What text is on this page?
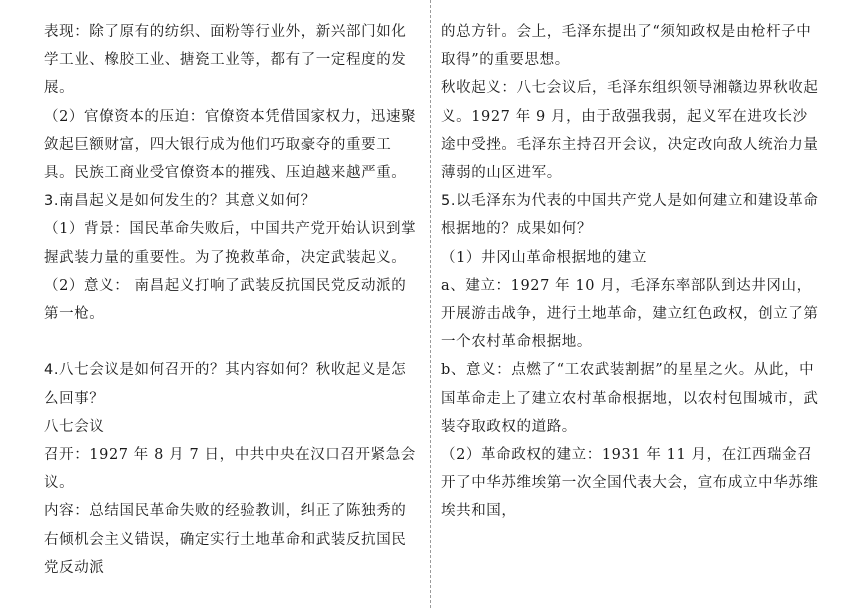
表现：除了原有的纺织、面粉等行业外，新兴部门如化学工业、橡胶工业、搪瓷工业等，都有了一定程度的发展。

（2）官僚资本的压迫：官僚资本凭借国家权力，迅速聚敛起巨额财富，四大银行成为他们巧取豪夺的重要工具。民族工商业受官僚资本的摧残、压迫越来越严重。

3.南昌起义是如何发生的？其意义如何？

（1）背景：国民革命失败后，中国共产党开始认识到掌握武装力量的重要性。为了挽救革命，决定武装起义。

（2）意义： 南昌起义打响了武装反抗国民党反动派的第一枪。

4.八七会议是如何召开的？其内容如何？秋收起义是怎么回事？

八七会议

召开：1927 年 8 月 7 日，中共中央在汉口召开紧急会议。

内容：总结国民革命失败的经验教训，纠正了陈独秀的右倾机会主义错误，确定实行土地革命和武装反抗国民党反动派

的总方针。会上，毛泽东提出了“须知政权是由枪杆子中取得”的重要思想。

秋收起义：八七会议后，毛泽东组织领导湘赣边界秋收起义。1927 年 9 月，由于敌强我弱，起义军在进攻长沙途中受挫。毛泽东主持召开会议，决定改向敌人统治力量薄弱的山区进军。

5.以毛泽东为代表的中国共产党人是如何建立和建设革命根据地的？成果如何？

（1）井冈山革命根据地的建立

a、建立：1927 年 10 月，毛泽东率部队到达井冈山，开展游击战争，进行土地革命，建立红色政权，创立了第一个农村革命根据地。

b、意义：点燃了“工农武装割据”的星星之火。从此，中国革命走上了建立农村革命根据地，以农村包围城市，武装夺取政权的道路。

（2）革命政权的建立：1931 年 11 月，在江西瑞金召开了中华苏维埃第一次全国代表大会，宣布成立中华苏维埃共和国，
